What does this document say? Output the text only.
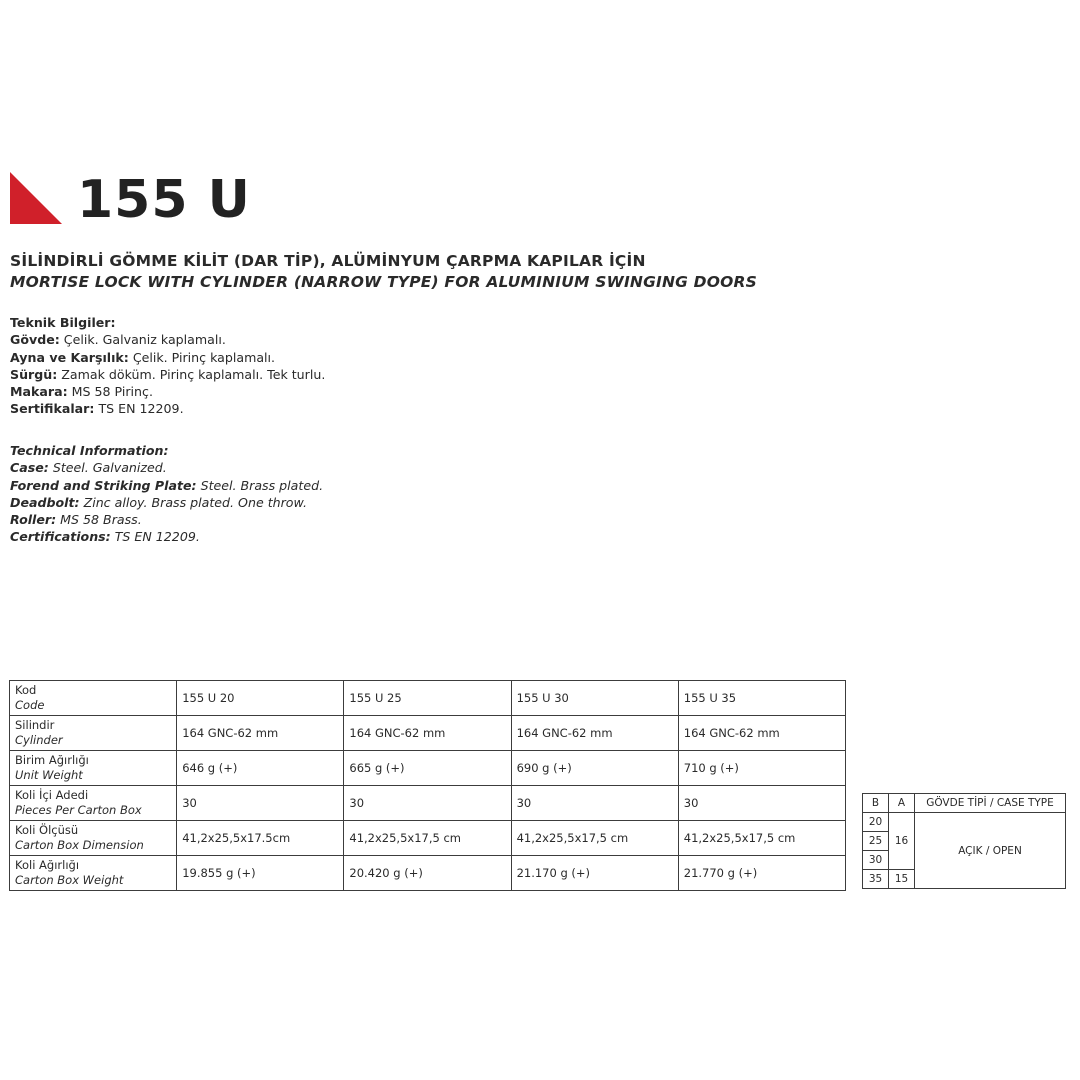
155 U
SİLİNDİRLİ GÖMME KİLİT (DAR TİP), ALÜMİNYUM ÇARPMA KAPILAR İÇİN
MORTISE LOCK WITH CYLINDER (NARROW TYPE) FOR ALUMINIUM SWINGING DOORS
Teknik Bilgiler:
Gövde: Çelik. Galvaniz kaplamalı.
Ayna ve Karşılık: Çelik. Pirinç kaplamalı.
Sürgü: Zamak döküm. Pirinç kaplamalı. Tek turlu.
Makara: MS 58 Pirinç.
Sertifikalar: TS EN 12209.
Technical Information:
Case: Steel. Galvanized.
Forend and Striking Plate: Steel. Brass plated.
Deadbolt: Zinc alloy. Brass plated. One throw.
Roller: MS 58 Brass.
Certifications: TS EN 12209.
Kod
Code	155 U 20	155 U 25	155 U 30	155 U 35

Silindir
Cylinder	164 GNC-62 mm	164 GNC-62 mm	164 GNC-62 mm	164 GNC-62 mm

Birim Ağırlığı
Unit Weight	646 g (+)	665 g (+)	690 g (+)	710 g (+)

Koli İçi Adedi
Pieces Per Carton Box	30	30	30	30

Koli Ölçüsü
Carton Box Dimension	41,2x25,5x17.5cm	41,2x25,5x17,5 cm	41,2x25,5x17,5 cm	41,2x25,5x17,5 cm

Koli Ağırlığı
Carton Box Weight	19.855 g (+)	20.420 g (+)	21.170 g (+)	21.770 g (+)
B	A	GÖVDE TİPİ / CASE TYPE
20	16	AÇIK / OPEN
25		
30		
35	15	
